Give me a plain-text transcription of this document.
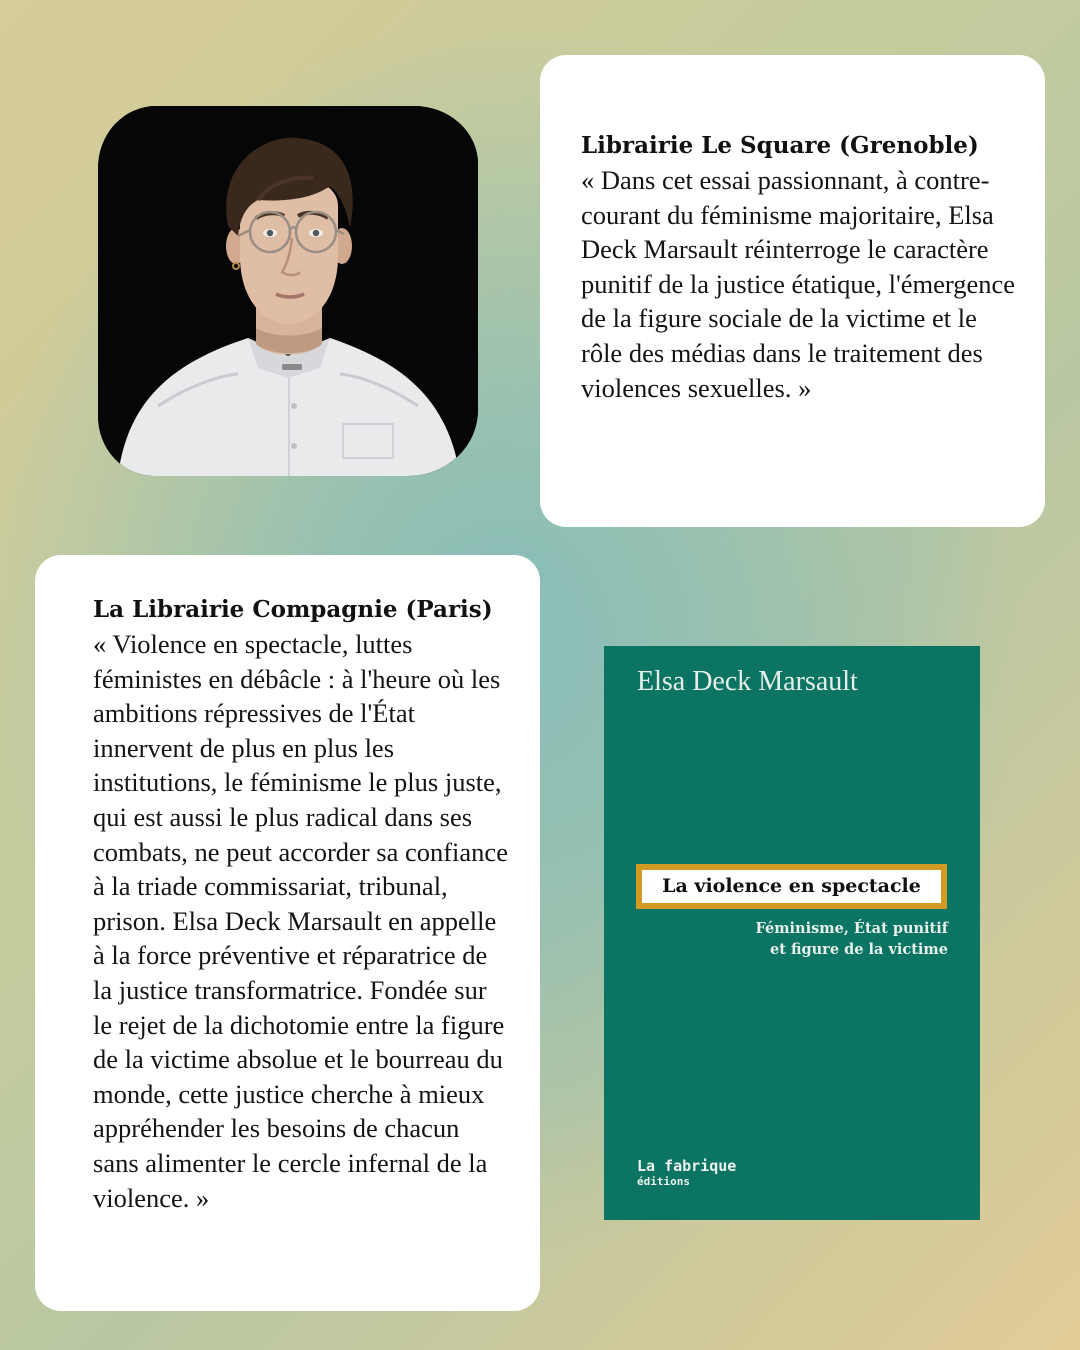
Librairie Le Square (Grenoble)

« Dans cet essai passionnant, à contre-courant du féminisme majoritaire, Elsa Deck Marsault réinterroge le caractère punitif de la justice étatique, l'émergence de la figure sociale de la victime et le rôle des médias dans le traitement des violences sexuelles. »

La Librairie Compagnie (Paris)

« Violence en spectacle, luttes féministes en débâcle : à l'heure où les ambitions répressives de l'État innervent de plus en plus les institutions, le féminisme le plus juste, qui est aussi le plus radical dans ses combats, ne peut accorder sa confiance à la triade commissariat, tribunal, prison. Elsa Deck Marsault en appelle à la force préventive et réparatrice de la justice transformatrice. Fondée sur le rejet de la dichotomie entre la figure de la victime absolue et le bourreau du monde, cette justice cherche à mieux appréhender les besoins de chacun sans alimenter le cercle infernal de la violence. »

Elsa Deck Marsault
La violence en spectacle
Féminisme, État punitif
et figure de la victime
La fabrique
éditions
